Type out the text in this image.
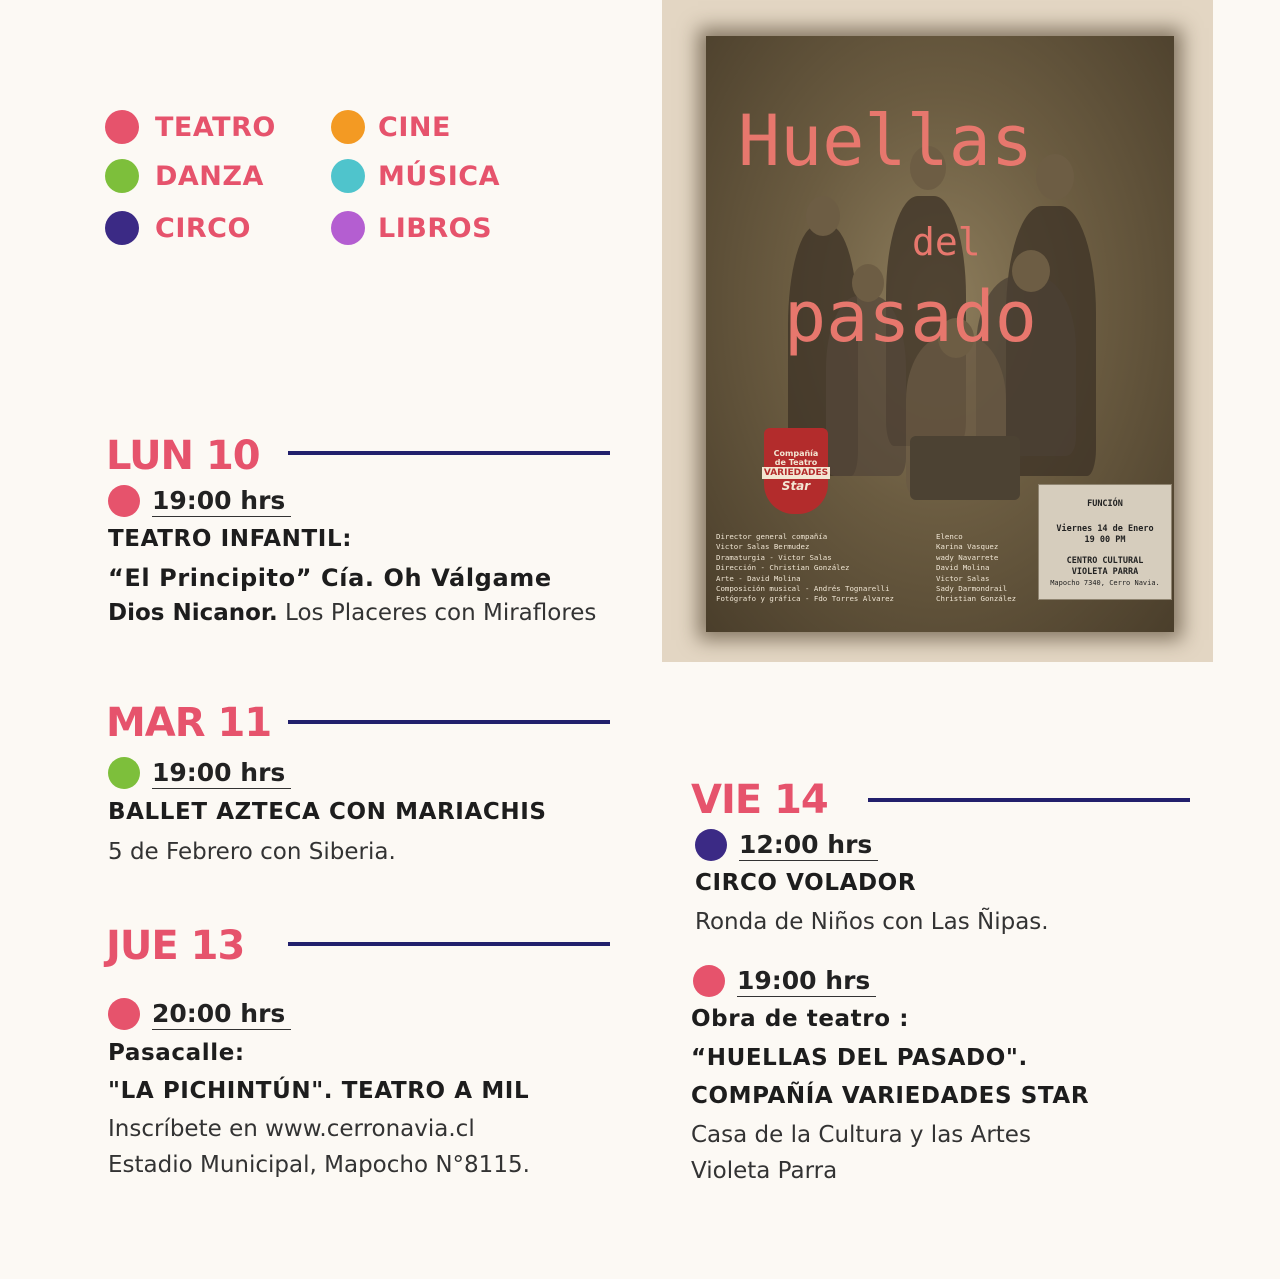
TEATRO	CINE
DANZA	MÚSICA
CIRCO	LIBROS
Huellas
del
pasado
Compañía
de Teatro
VARIEDADES
Star
Director general compañía
Victor Salas Bermudez
Dramaturgia - Victor Salas
Dirección - Christian González
Arte - David Molina
Composición musical - Andrés Tognarelli
Fotógrafo y gráfica - Fdo Torres Alvarez
Elenco
Karina Vasquez
wady Navarrete
David Molina
Victor Salas
Sady Darmondrail
Christian González
FUNCIÓN
Viernes 14 de Enero
19 00 PM
CENTRO CULTURAL
VIOLETA PARRA
Mapocho 7340, Cerro Navia.
LUN 10
19:00 hrs
TEATRO INFANTIL:
“El Principito” Cía. Oh Válgame
Dios Nicanor. Los Placeres con Miraflores
MAR 11
19:00 hrs
BALLET AZTECA CON MARIACHIS
5 de Febrero con Siberia.
JUE 13
20:00 hrs
Pasacalle:
"LA PICHINTÚN". TEATRO A MIL
Inscríbete en www.cerronavia.cl
Estadio Municipal, Mapocho N°8115.
VIE 14
12:00 hrs
CIRCO VOLADOR
Ronda de Niños con Las Ñipas.
19:00 hrs
Obra de teatro :
“HUELLAS DEL PASADO".
COMPAÑÍA VARIEDADES STAR
Casa de la Cultura y las Artes
Violeta Parra
